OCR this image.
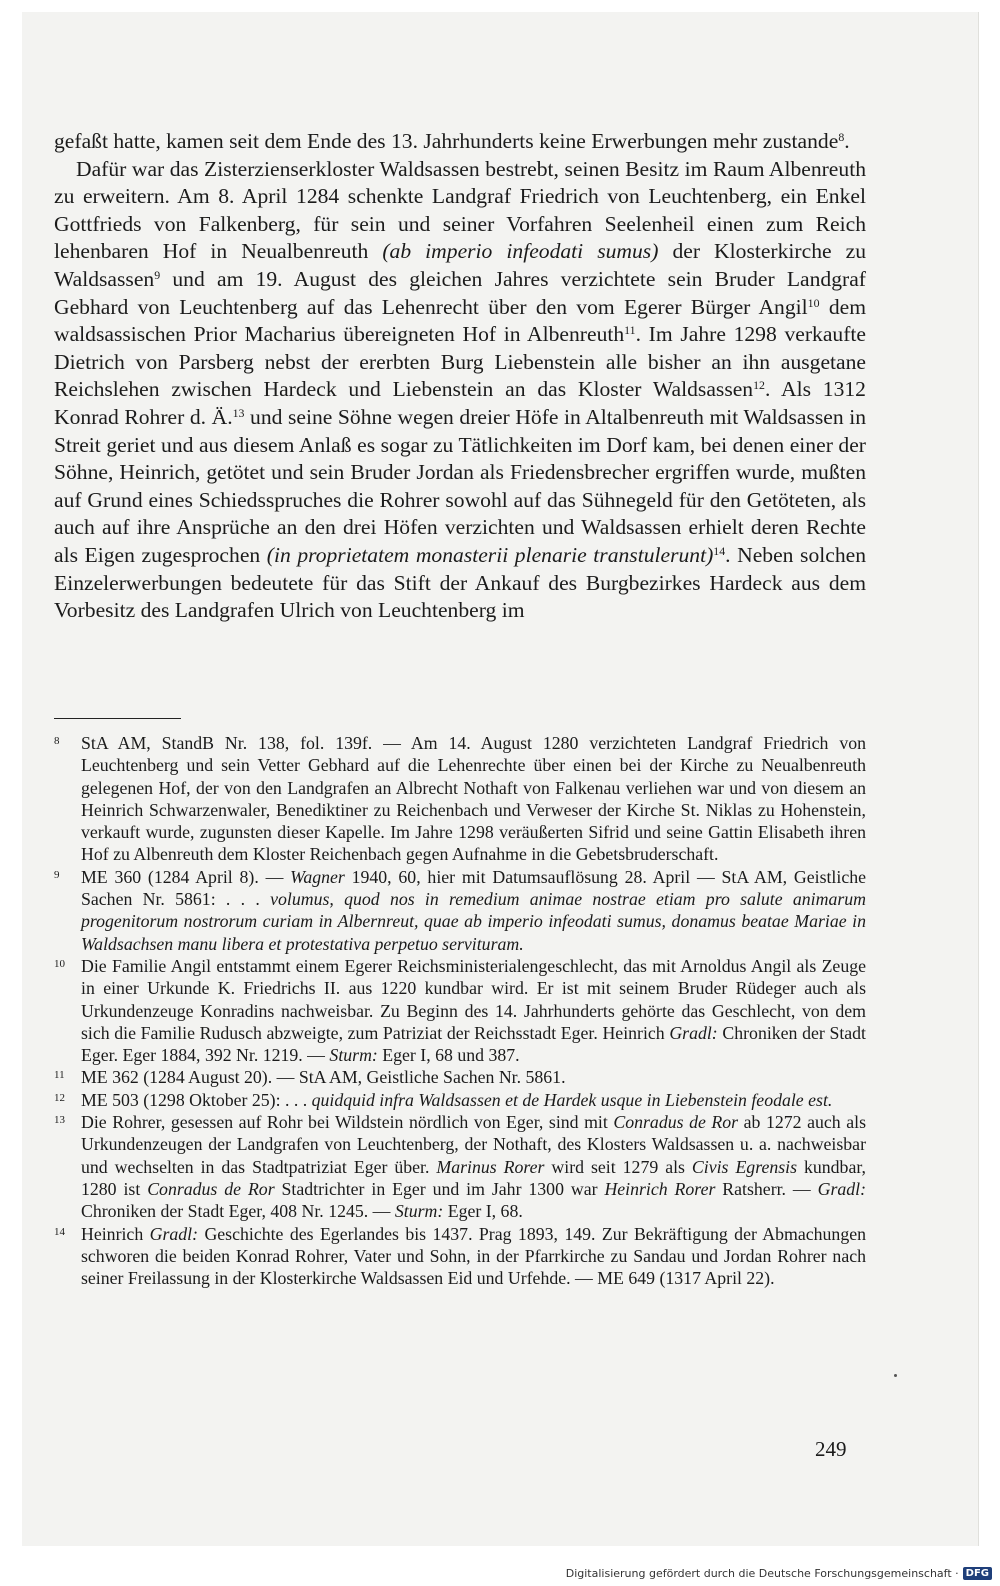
gefaßt hatte, kamen seit dem Ende des 13. Jahrhunderts keine Erwerbungen mehr zustande$^8$.

Dafür war das Zisterzienserkloster Waldsassen bestrebt, seinen Besitz im Raum Albenreuth zu erweitern. Am 8. April 1284 schenkte Landgraf Friedrich von Leuchtenberg, ein Enkel Gottfrieds von Falkenberg, für sein und seiner Vorfahren Seelenheil einen zum Reich lehenbaren Hof in Neualbenreuth (ab imperio infeodati sumus) der Klosterkirche zu Waldsassen$^9$ und am 19. August des gleichen Jahres verzichtete sein Bruder Landgraf Gebhard von Leuchtenberg auf das Lehenrecht über den vom Egerer Bürger Angil$^{10}$ dem waldsassischen Prior Macharius übereigneten Hof in Albenreuth$^{11}$. Im Jahre 1298 verkaufte Dietrich von Parsberg nebst der ererbten Burg Liebenstein alle bisher an ihn ausgetane Reichslehen zwischen Hardeck und Liebenstein an das Kloster Waldsassen$^{12}$. Als 1312 Konrad Rohrer d. Ä.$^{13}$ und seine Söhne wegen dreier Höfe in Altalbenreuth mit Waldsassen in Streit geriet und aus diesem Anlaß es sogar zu Tätlichkeiten im Dorf kam, bei denen einer der Söhne, Heinrich, getötet und sein Bruder Jordan als Friedensbrecher ergriffen wurde, mußten auf Grund eines Schiedsspruches die Rohrer sowohl auf das Sühnegeld für den Getöteten, als auch auf ihre Ansprüche an den drei Höfen verzichten und Waldsassen erhielt deren Rechte als Eigen zugesprochen (in proprietatem monasterii plenarie transtulerunt)$^{14}$. Neben solchen Einzelerwerbungen bedeutete für das Stift der Ankauf des Burgbezirkes Hardeck aus dem Vorbesitz des Landgrafen Ulrich von Leuchtenberg im

8 StA AM, StandB Nr. 138, fol. 139f. — Am 14. August 1280 verzichteten Landgraf Friedrich von Leuchtenberg und sein Vetter Gebhard auf die Lehenrechte über einen bei der Kirche zu Neualbenreuth gelegenen Hof, der von den Landgrafen an Albrecht Nothaft von Falkenau verliehen war und von diesem an Heinrich Schwarzenwaler, Benediktiner zu Reichenbach und Verweser der Kirche St. Niklas zu Hohenstein, verkauft wurde, zugunsten dieser Kapelle. Im Jahre 1298 veräußerten Sifrid und seine Gattin Elisabeth ihren Hof zu Albenreuth dem Kloster Reichenbach gegen Aufnahme in die Gebetsbruderschaft.

9 ME 360 (1284 April 8). — Wagner 1940, 60, hier mit Datumsauflösung 28. April — StA AM, Geistliche Sachen Nr. 5861: . . . volumus, quod nos in remedium animae nostrae etiam pro salute animarum progenitorum nostrorum curiam in Albernreut, quae ab imperio infeodati sumus, donamus beatae Mariae in Waldsachsen manu libera et protestativa perpetuo servituram.

10 Die Familie Angil entstammt einem Egerer Reichsministerialengeschlecht, das mit Arnoldus Angil als Zeuge in einer Urkunde K. Friedrichs II. aus 1220 kundbar wird. Er ist mit seinem Bruder Rüdeger auch als Urkundenzeuge Konradins nachweisbar. Zu Beginn des 14. Jahrhunderts gehörte das Geschlecht, von dem sich die Familie Rudusch abzweigte, zum Patriziat der Reichsstadt Eger. Heinrich Gradl: Chroniken der Stadt Eger. Eger 1884, 392 Nr. 1219. — Sturm: Eger I, 68 und 387.

11 ME 362 (1284 August 20). — StA AM, Geistliche Sachen Nr. 5861.

12 ME 503 (1298 Oktober 25): . . . quidquid infra Waldsassen et de Hardek usque in Liebenstein feodale est.

13 Die Rohrer, gesessen auf Rohr bei Wildstein nördlich von Eger, sind mit Conradus de Ror ab 1272 auch als Urkundenzeugen der Landgrafen von Leuchtenberg, der Nothaft, des Klosters Waldsassen u. a. nachweisbar und wechselten in das Stadtpatriziat Eger über. Marinus Rorer wird seit 1279 als Civis Egrensis kundbar, 1280 ist Conradus de Ror Stadtrichter in Eger und im Jahr 1300 war Heinrich Rorer Ratsherr. — Gradl: Chroniken der Stadt Eger, 408 Nr. 1245. — Sturm: Eger I, 68.

14 Heinrich Gradl: Geschichte des Egerlandes bis 1437. Prag 1893, 149. Zur Bekräftigung der Abmachungen schworen die beiden Konrad Rohrer, Vater und Sohn, in der Pfarrkirche zu Sandau und Jordan Rohrer nach seiner Freilassung in der Klosterkirche Waldsassen Eid und Urfehde. — ME 649 (1317 April 22).

249
Digitalisierung gefördert durch die Deutsche Forschungsgemeinschaft · DFG
